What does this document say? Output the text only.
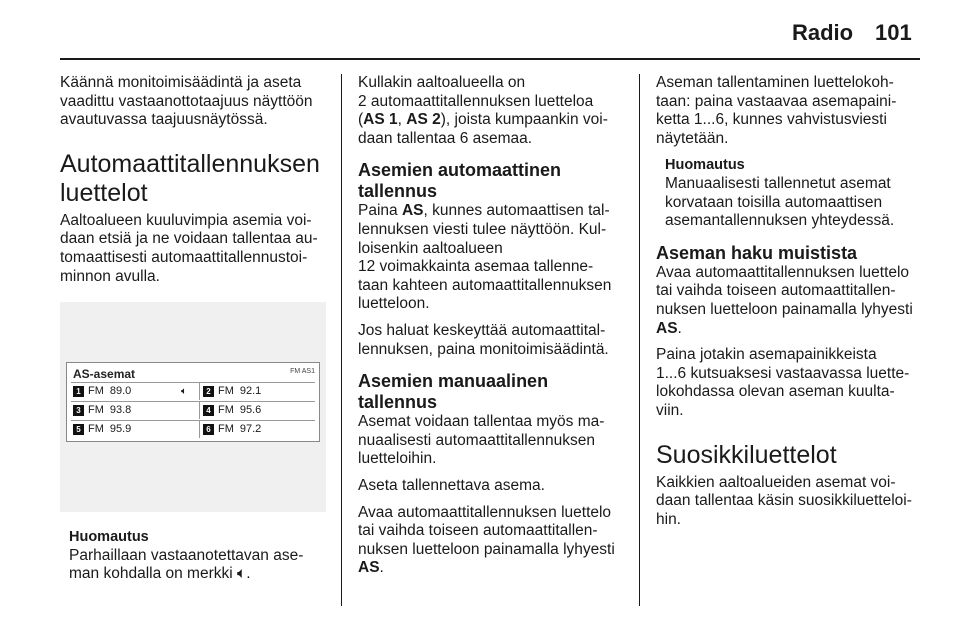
Radio 101

Käännä monitoimisäädintä ja aseta
vaadittu vastaanottotaajuus näyttöön
avautuvassa taajuusnäytössä.

Automaattitallennuksen
luettelot

Aaltoalueen kuuluvimpia asemia voi-
daan etsiä ja ne voidaan tallentaa au-
tomaattisesti automaattitallennustoi-
minnon avulla.

AS-asemat	FM AS1
1 FM 89.0	🔈︎	2 FM 92.1
3 FM 93.8	4 FM 95.6
5 FM 95.9	6 FM 97.2
Huomautus
Parhaillaan vastaanotettavan ase-
man kohdalla on merkki 🔈︎.

Kullakin aaltoalueella on
2 automaattitallennuksen luetteloa
(AS 1, AS 2), joista kumpaankin voi-
daan tallentaa 6 asemaa.

Asemien automaattinen
tallennus

Paina AS, kunnes automaattisen tal-
lennuksen viesti tulee näyttöön. Kul-
loisenkin aaltoalueen
12 voimakkainta asemaa tallenne-
taan kahteen automaattitallennuksen
luetteloon.

Jos haluat keskeyttää automaattital-
lennuksen, paina monitoimisäädintä.

Asemien manuaalinen tallennus

Asemat voidaan tallentaa myös ma-
nuaalisesti automaattitallennuksen
luetteloihin.

Aseta tallennettava asema.

Avaa automaattitallennuksen luettelo
tai vaihda toiseen automaattitallen-
nuksen luetteloon painamalla lyhyesti
AS.

Aseman tallentaminen luettelokoh-
taan: paina vastaavaa asemapaini-
ketta 1...6, kunnes vahvistusviesti
näytetään.

Huomautus
Manuaalisesti tallennetut asemat
korvataan toisilla automaattisen
asemantallennuksen yhteydessä.
Aseman haku muistista

Avaa automaattitallennuksen luettelo
tai vaihda toiseen automaattitallen-
nuksen luetteloon painamalla lyhyesti
AS.

Paina jotakin asemapainikkeista
1...6 kutsuaksesi vastaavassa luette-
lokohdassa olevan aseman kuulta-
viin.

Suosikkiluettelot

Kaikkien aaltoalueiden asemat voi-
daan tallentaa käsin suosikkiluetteloi-
hin.
